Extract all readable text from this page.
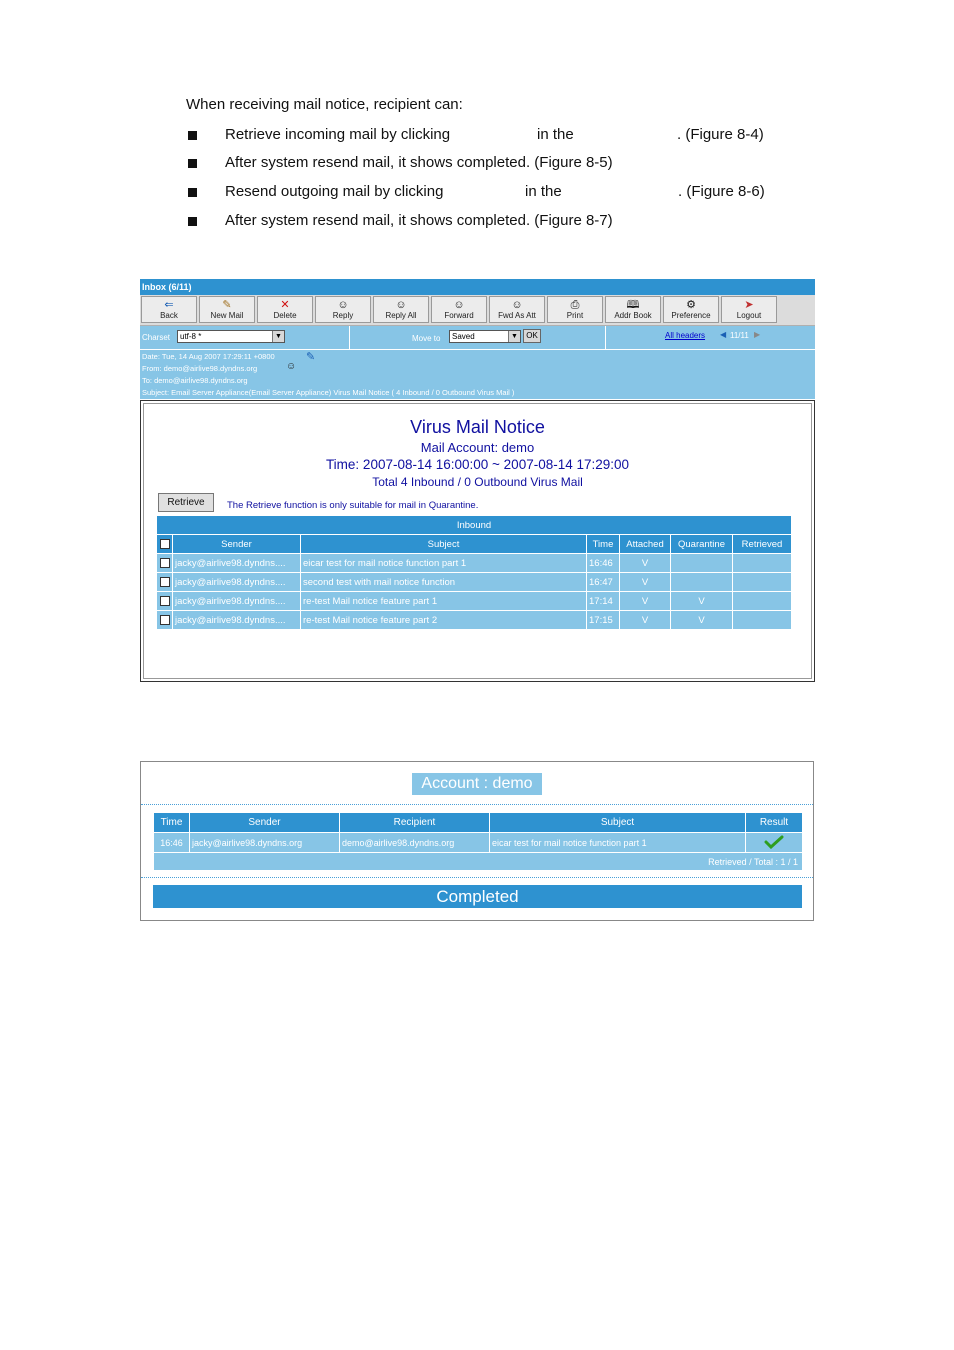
When receiving mail notice, recipient can:
Retrieve incoming mail by clicking	in the	. (Figure 8-4)
After system resend mail, it shows completed. (Figure 8-5)
Resend outgoing mail by clicking	in the	. (Figure 8-6)
After system resend mail, it shows completed. (Figure 8-7)
Inbox (6/11)
⇐
Back
✎
New Mail
✕
Delete
☺
Reply
☺
Reply All
☺
Forward
☺
Fwd As Att
⎙
Print
🕮
Addr Book
⚙
Preference
➤
Logout
Charset	utf-8 *	▼	Move to	Saved	▼	OK	All headers ◀ 11/11 ▶
Date: Tue, 14 Aug 2007 17:29:11 +0800	✎
From: demo@airlive98.dyndns.org	☺
To: demo@airlive98.dyndns.org
Subject: Email Server Appliance(Email Server Appliance) Virus Mail Notice ( 4 Inbound / 0 Outbound Virus Mail )
Virus Mail Notice
Mail Account: demo
Time: 2007-08-14 16:00:00 ~ 2007-08-14 17:29:00
Total 4 Inbound / 0 Outbound Virus Mail
Retrieve	The Retrieve function is only suitable for mail in Quarantine.
Inbound						
	Sender	Subject	Time	Attached	Quarantine	Retrieved
	jacky@airlive98.dyndns....	eicar test for mail notice function part 1	16:46	V		
	jacky@airlive98.dyndns....	second test with mail notice function	16:47	V		
	jacky@airlive98.dyndns....	re-test Mail notice feature part 1	17:14	V	V	
	jacky@airlive98.dyndns....	re-test Mail notice feature part 2	17:15	V	V	
Account : demo
Time	Sender	Recipient	Subject	Result
16:46	jacky@airlive98.dyndns.org	demo@airlive98.dyndns.org	eicar test for mail notice function part 1	
Retrieved / Total : 1 / 1				
Completed
